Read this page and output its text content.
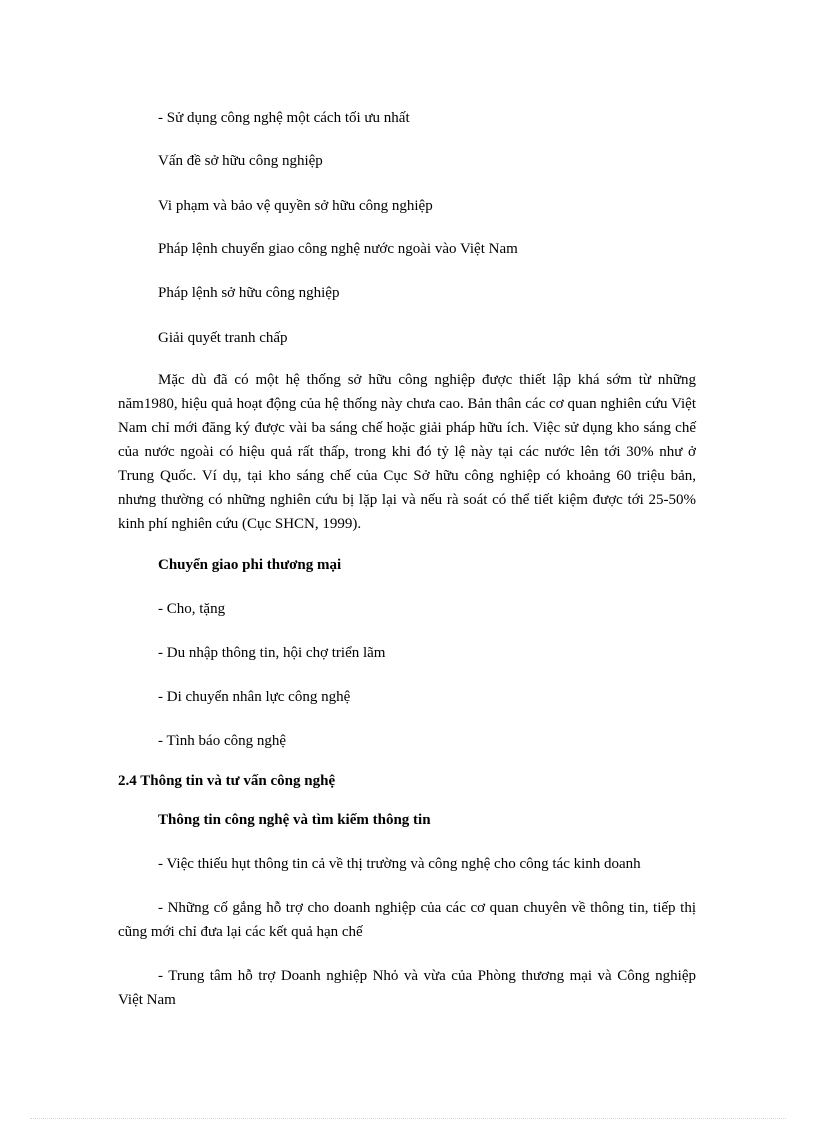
- Sử dụng công nghệ một cách tối ưu nhất

Vấn đề sở hữu công nghiệp

Vi phạm và bảo vệ quyền sở hữu công nghiệp

Pháp lệnh chuyển giao công nghệ nước ngoài vào Việt Nam

Pháp lệnh sở hữu công nghiệp

Giải quyết tranh chấp

Mặc dù đã có một hệ thống sở hữu công nghiệp được thiết lập khá sớm từ những năm1980, hiệu quả hoạt động của hệ thống này chưa cao. Bản thân các cơ quan nghiên cứu Việt Nam chỉ mới đăng ký được vài ba sáng chế hoặc giải pháp hữu ích. Việc sử dụng kho sáng chế của nước ngoài có hiệu quả rất thấp, trong khi đó tỷ lệ này tại các nước lên tới 30% như ở Trung Quốc. Ví dụ, tại kho sáng chế của Cục Sở hữu công nghiệp có khoảng 60 triệu bản, nhưng thường có những nghiên cứu bị lặp lại và nếu rà soát có thể tiết kiệm được tới 25-50% kinh phí nghiên cứu (Cục SHCN, 1999).

Chuyển giao phi thương mại

- Cho, tặng

- Du nhập thông tin, hội chợ triển lãm

- Di chuyển nhân lực công nghệ

- Tình báo công nghệ

2.4 Thông tin và tư vấn công nghệ

Thông tin công nghệ và tìm kiếm thông tin

- Việc thiếu hụt thông tin cả về thị trường và công nghệ cho công tác kinh doanh

- Những cố gắng hỗ trợ cho doanh nghiệp của các cơ quan chuyên về thông tin, tiếp thị cũng mới chỉ đưa lại các kết quả hạn chế

- Trung tâm hỗ trợ Doanh nghiệp Nhỏ và vừa của Phòng thương mại và Công nghiệp Việt Nam
